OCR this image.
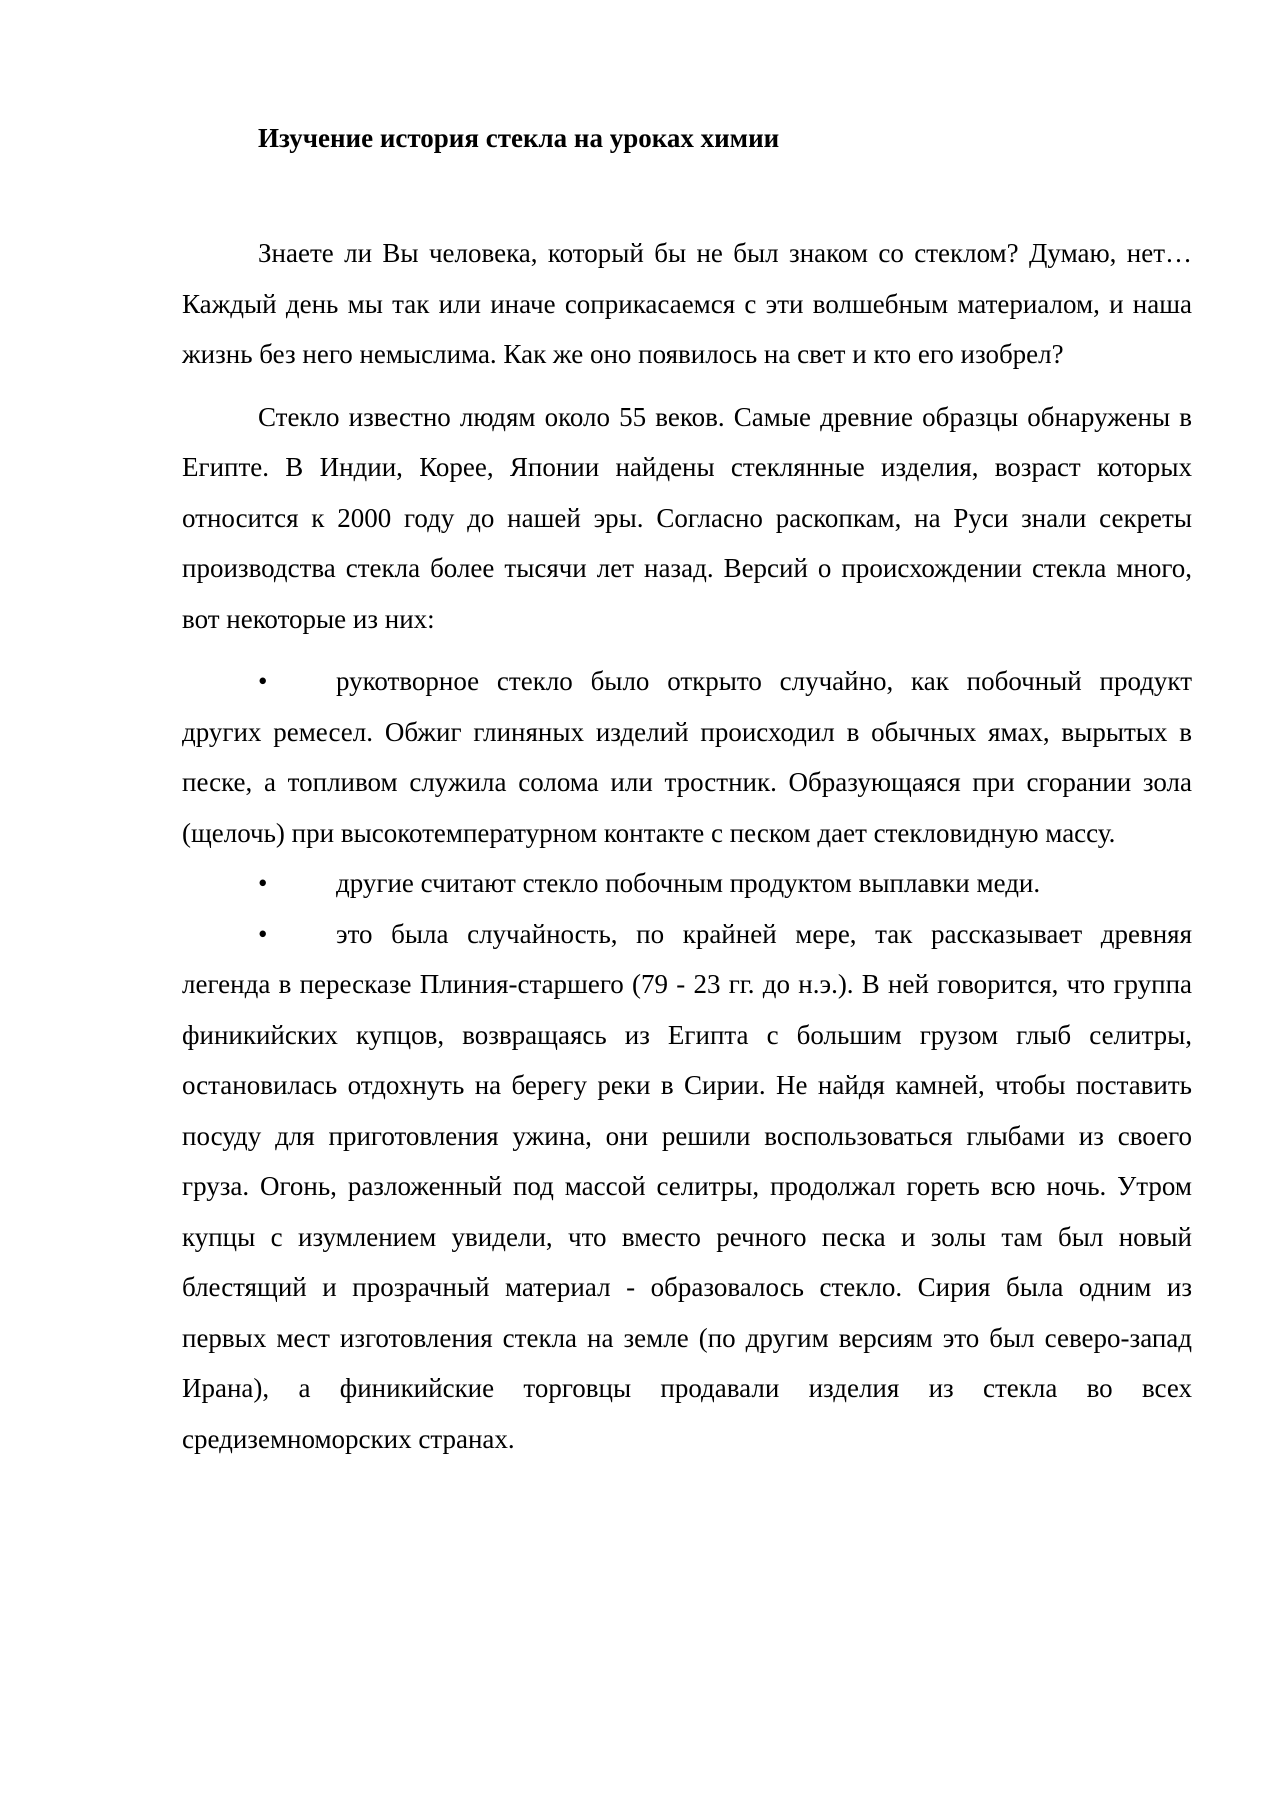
Изучение история стекла на уроках химии

Знаете ли Вы человека, который бы не был знаком со стеклом? Думаю, нет… Каждый день мы так или иначе соприкасаемся с эти волшебным материалом, и наша жизнь без него немыслима. Как же оно появилось на свет и кто его изобрел?

Стекло известно людям около 55 веков. Самые древние образцы обнаружены в Египте. В Индии, Корее, Японии найдены стеклянные изделия, возраст которых относится к 2000 году до нашей эры. Согласно раскопкам, на Руси знали секреты производства стекла более тысячи лет назад. Версий о происхождении стекла много, вот некоторые из них:

•	рукотворное стекло было открыто случайно, как побочный продукт других ремесел. Обжиг глиняных изделий происходил в обычных ямах, вырытых в песке, а топливом служила солома или тростник. Образующаяся при сгорании зола (щелочь) при высокотемпературном контакте с песком дает стекловидную массу.

•	другие считают стекло побочным продуктом выплавки меди.

•	это была случайность, по крайней мере, так рассказывает древняя легенда в пересказе Плиния-старшего (79 - 23 гг. до н.э.). В ней говорится, что группа финикийских купцов, возвращаясь из Египта с большим грузом глыб селитры, остановилась отдохнуть на берегу реки в Сирии. Не найдя камней, чтобы поставить посуду для приготовления ужина, они решили воспользоваться глыбами из своего груза. Огонь, разложенный под массой селитры, продолжал гореть всю ночь. Утром купцы с изумлением увидели, что вместо речного песка и золы там был новый блестящий и прозрачный материал - образовалось стекло. Сирия была одним из первых мест изготовления стекла на земле (по другим версиям это был северо-запад Ирана), а финикийские торговцы продавали изделия из стекла во всех средиземноморских странах.
